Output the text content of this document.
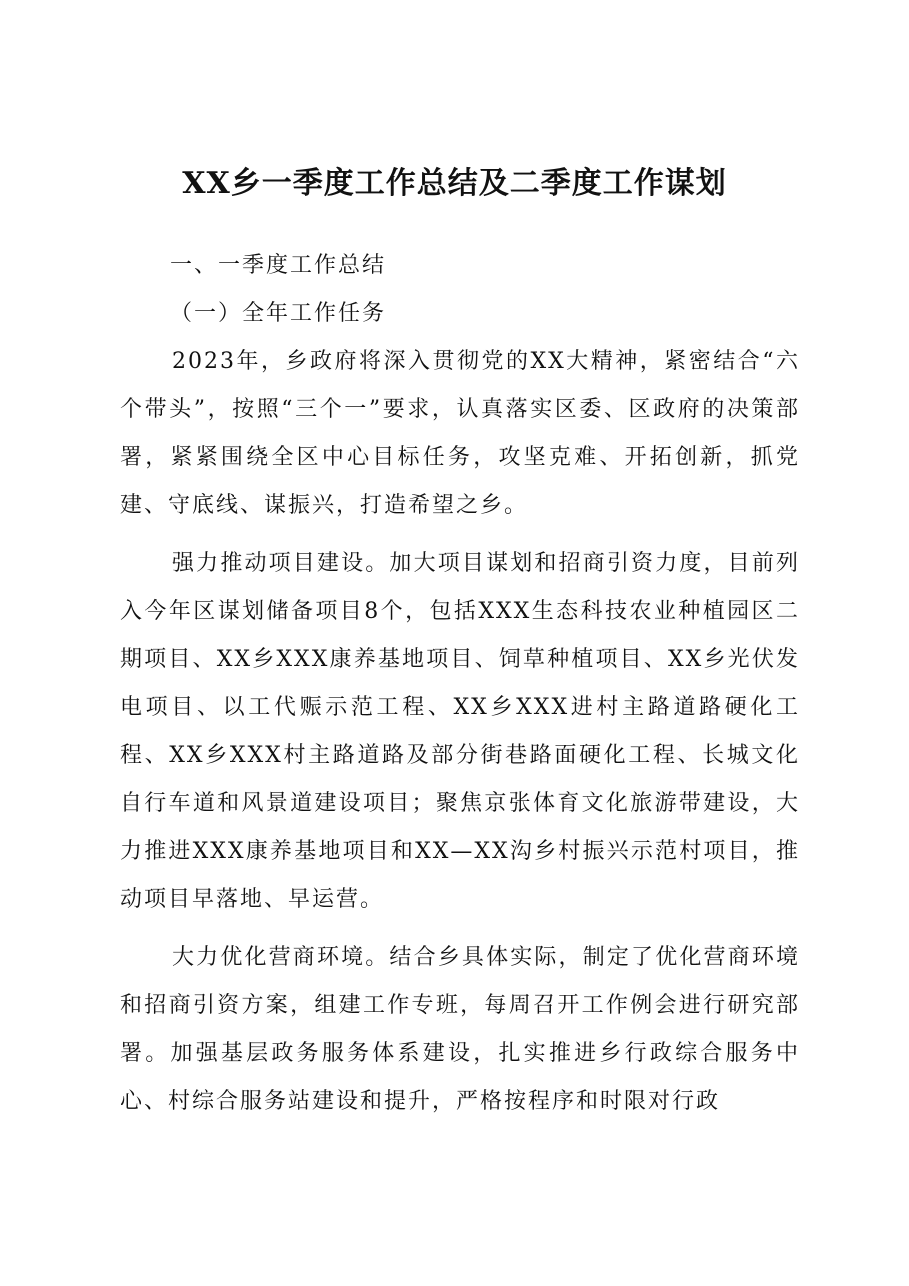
XX乡一季度工作总结及二季度工作谋划

一、一季度工作总结

（一）全年工作任务

2023年，乡政府将深入贯彻党的XX大精神，紧密结合“六个带头”，按照“三个一”要求，认真落实区委、区政府的决策部署，紧紧围绕全区中心目标任务，攻坚克难、开拓创新，抓党建、守底线、谋振兴，打造希望之乡。

强力推动项目建设。加大项目谋划和招商引资力度，目前列入今年区谋划储备项目8个，包括XXX生态科技农业种植园区二期项目、XX乡XXX康养基地项目、饲草种植项目、XX乡光伏发电项目、以工代赈示范工程、XX乡XXX进村主路道路硬化工程、XX乡XXX村主路道路及部分街巷路面硬化工程、长城文化自行车道和风景道建设项目；聚焦京张体育文化旅游带建设，大力推进XXX康养基地项目和XX—XX沟乡村振兴示范村项目，推动项目早落地、早运营。

大力优化营商环境。结合乡具体实际，制定了优化营商环境和招商引资方案，组建工作专班，每周召开工作例会进行研究部署。加强基层政务服务体系建设，扎实推进乡行政综合服务中心、村综合服务站建设和提升，严格按程序和时限对行政
